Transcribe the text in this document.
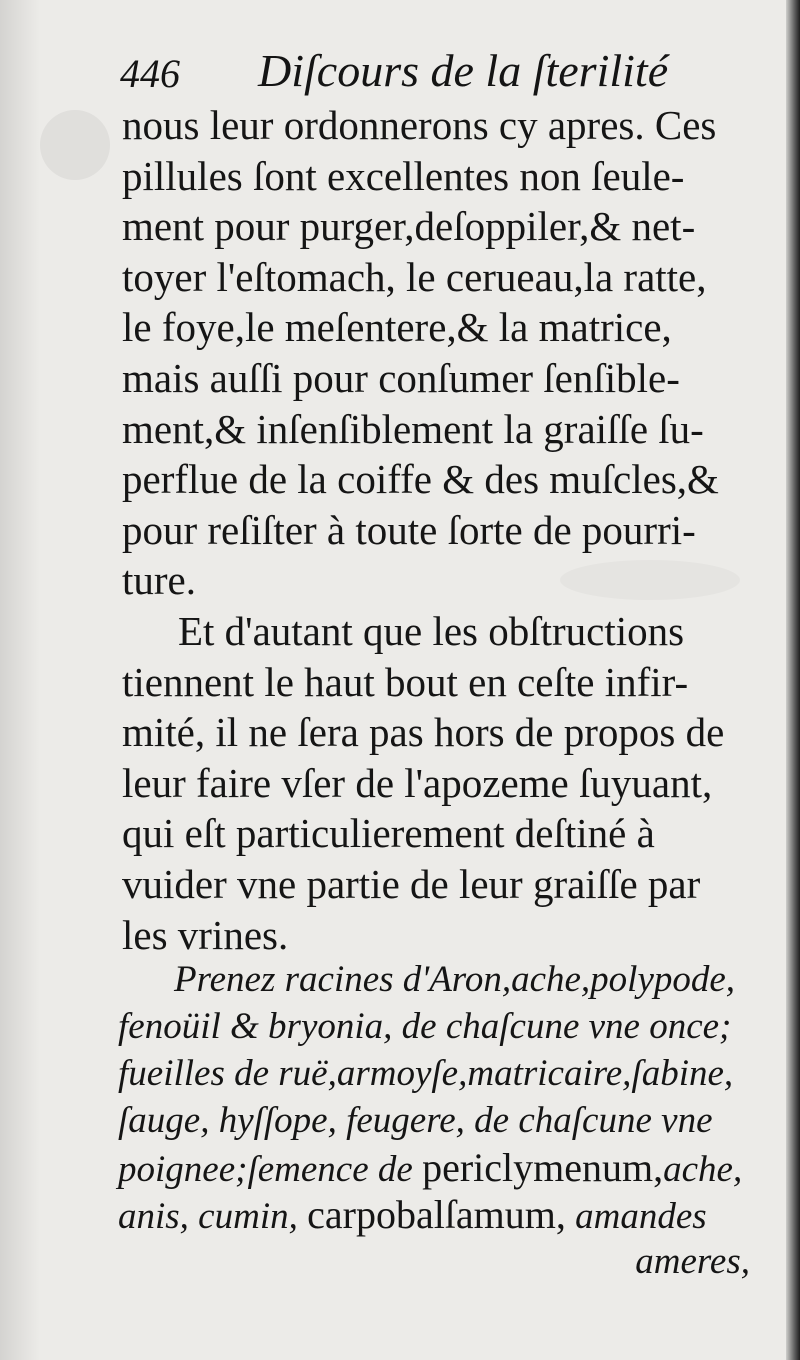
446 Diſcours de la ſterilité
nous leur ordonnerons cy apres. Ces
pillules ſont excellentes non ſeule-
ment pour purger,deſoppiler,& net-
toyer l'eſtomach, le cerueau,la ratte,
le foye,le meſentere,& la matrice,
mais auſſi pour conſumer ſenſible-
ment,& inſenſiblement la graiſſe ſu-
perflue de la coiffe & des muſcles,&
pour reſiſter à toute ſorte de pourri-
ture.
Et d'autant que les obſtructions
tiennent le haut bout en ceſte infir-
mité, il ne ſera pas hors de propos de
leur faire vſer de l'apozeme ſuyuant,
qui eſt particulierement deſtiné à
vuider vne partie de leur graiſſe par
les vrines.
Prenez racines d'Aron,ache,polypode,
fenoüil & bryonia, de chaſcune vne once;
fueilles de ruë,armoyſe,matricaire,ſabine,
ſauge, hyſſope, feugere, de chaſcune vne
poignee;ſemence de periclymenum,ache,
anis, cumin, carpobalſamum, amandes
ameres,
